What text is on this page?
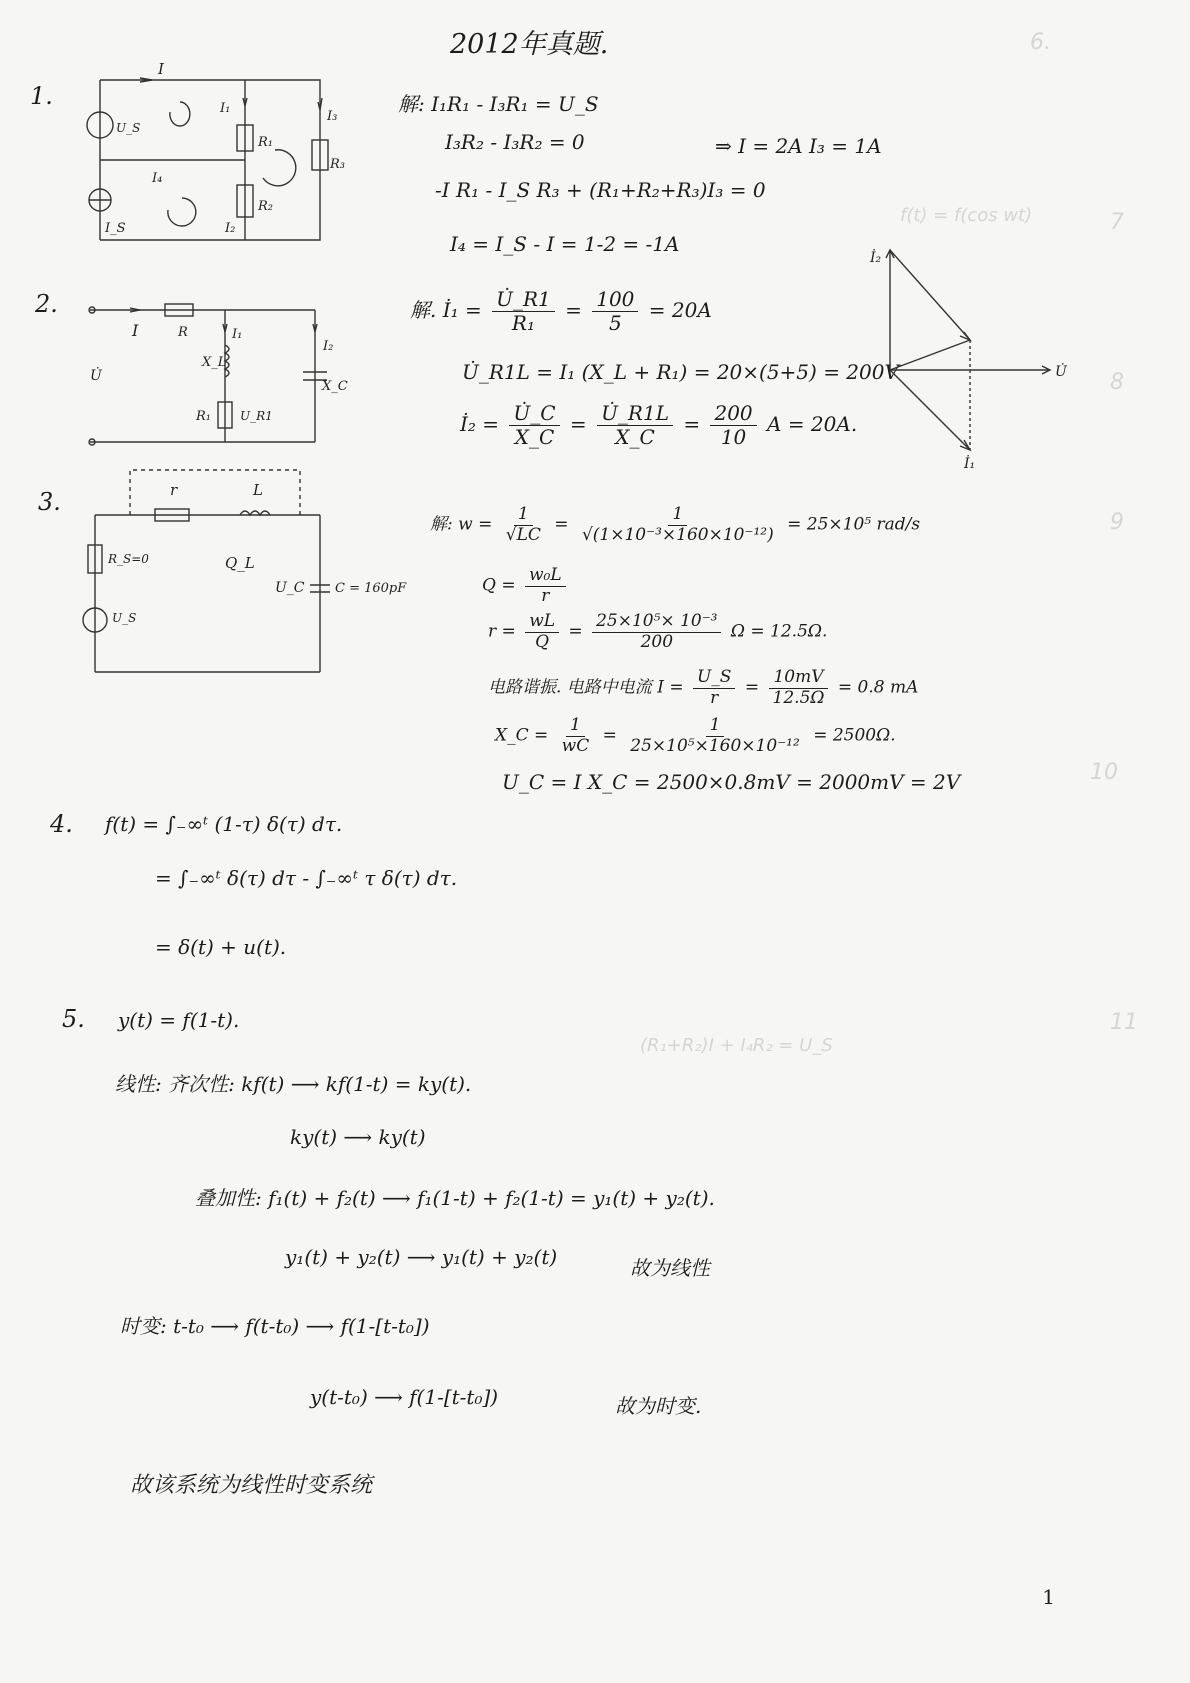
6.
f(t) = f(cos wt)	7
8
9
10
11
(R₁+R₂)I + I₄R₂ = U_S
2012年真题.
1.
I
I₁
I₃
R₁
R₃
U_S
I₄
R₂
I₂
I_S
解: I₁R₁ - I₃R₁ = U_S
I₃R₂ - I₃R₂ = 0
-I R₁ - I_S R₃ + (R₁+R₂+R₃)I₃ = 0
I₄ = I_S - I = 1-2 = -1A
⇒ I = 2A I₃ = 1A
2.
I	R	I₁
I₂
X_L
X_C
U̇
R₁ U_R1
解. İ₁ = $\frac{U̇\_R1}{\text{R₁}} = \frac{100}{5} = 20A$
U̇_R1L = I₁ (X_L + R₁) = 20×(5+5) = 200V
İ₂ = $\frac{U̇\_C}{X\_C} = \frac{U̇\_R1L}{X\_C} = \frac{200}{10}$ A = 20A.
İ₂
U̇
İ₁
3.	r	L
R_S=0	Q_L
U_C C = 160pF
U_S
解: $w = \frac{1}{√LC} = \frac{1}{\text{√(1×10⁻³×160×10⁻¹²)}} = 25\times 10^5$ rad/s
$Q = \frac{\text{w₀L}}{r}$
$r = \frac{wL}{Q} = \frac{\text{25×10⁵× 10⁻³}}{200}$ Ω = 12.5Ω.
电路谐振. 电路中电流 $I = \frac{U\_S}{r} = \frac{10mV}{12.5\Omega} = 0.8$ mA
X_C = $\frac{1}{wC} = \frac{1}{\text{25×10⁵×160×10⁻¹²}} = 2500\Omega$.
U_C = I X_C = 2500×0.8mV = 2000mV = 2V
4. f(t) = ∫₋∞ᵗ (1-τ) δ(τ) dτ.
= ∫₋∞ᵗ δ(τ) dτ - ∫₋∞ᵗ τ δ(τ) dτ.
= δ(t) + u(t).
5. y(t) = f(1-t).
线性: 齐次性: kf(t) ⟶ kf(1-t) = ky(t).
ky(t) ⟶ ky(t)
叠加性: f₁(t) + f₂(t) ⟶ f₁(1-t) + f₂(1-t) = y₁(t) + y₂(t).
y₁(t) + y₂(t) ⟶ y₁(t) + y₂(t)	故为线性
时变: t-t₀ ⟶ f(t-t₀) ⟶ f(1-[t-t₀])
y(t-t₀) ⟶ f(1-[t-t₀])	故为时变.
故该系统为线性时变系统
1
